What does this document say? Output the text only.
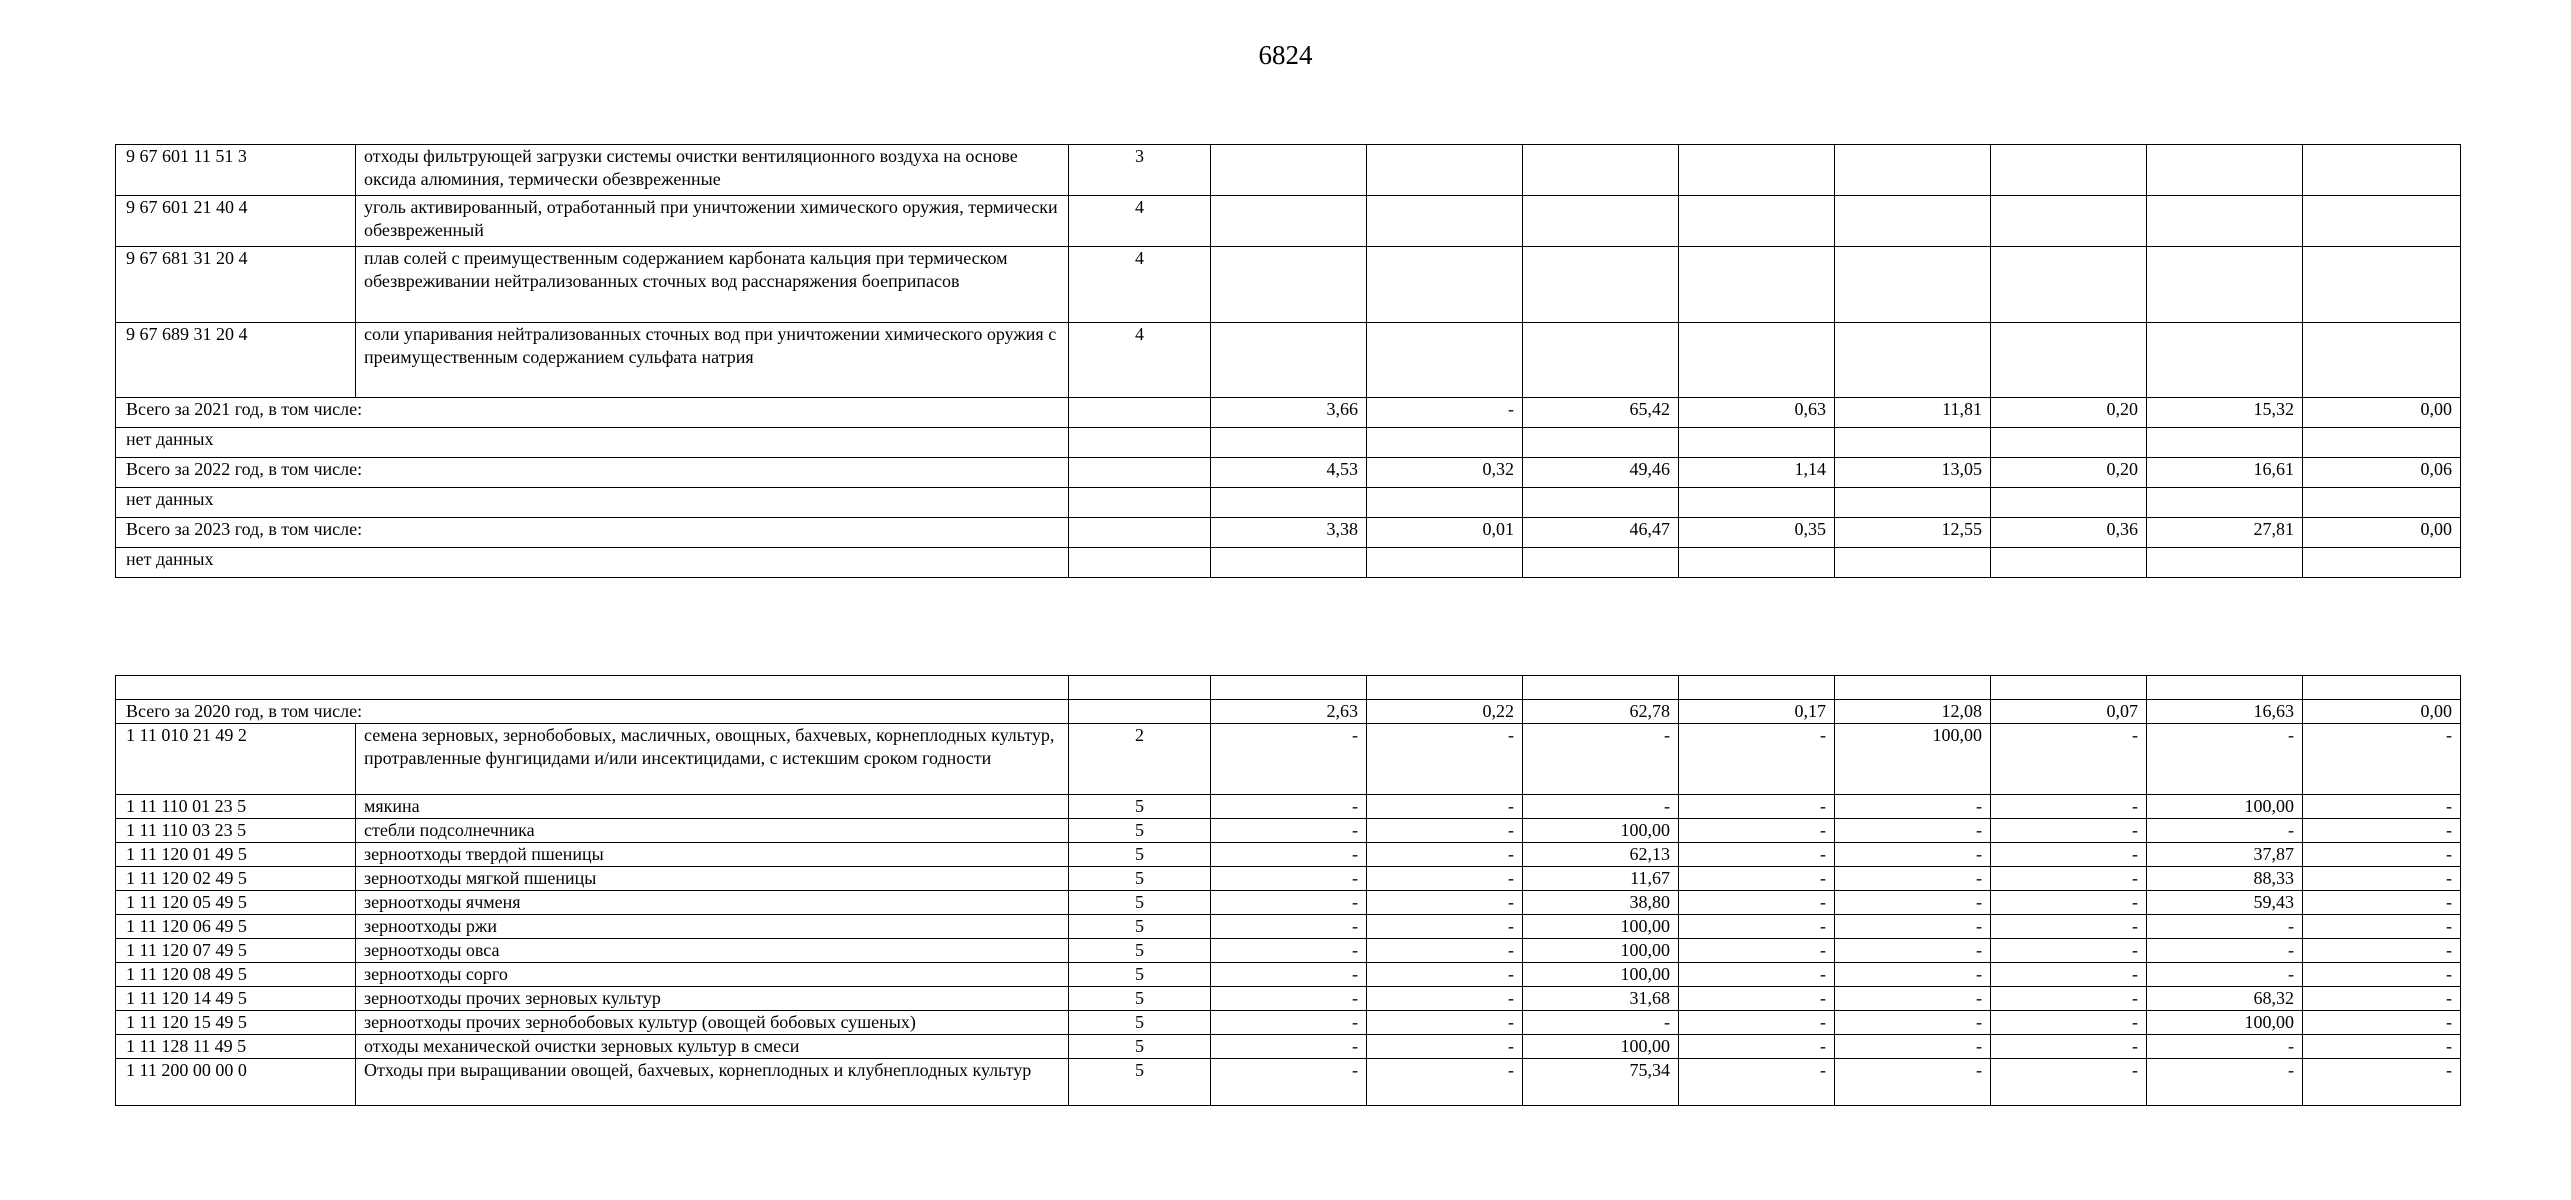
6824
9 67 601 11 51 3	отходы фильтрующей загрузки системы очистки вентиляционного воздуха на основе оксида алюминия, термически обезвреженные	3								
9 67 601 21 40 4	уголь активированный, отработанный при уничтожении химического оружия, термически обезвреженный	4								
9 67 681 31 20 4	плав солей с преимущественным содержанием карбоната кальция при термическом обезвреживании нейтрализованных сточных вод расснаряжения боеприпасов	4								
9 67 689 31 20 4	соли упаривания нейтрализованных сточных вод при уничтожении химического оружия с преимущественным содержанием сульфата натрия	4								
Всего за 2021 год, в том числе:			3,66	-	65,42	0,63	11,81	0,20	15,32	0,00
нет данных										
Всего за 2022 год, в том числе:			4,53	0,32	49,46	1,14	13,05	0,20	16,61	0,06
нет данных										
Всего за 2023 год, в том числе:			3,38	0,01	46,47	0,35	12,55	0,36	27,81	0,00
нет данных										

Всего за 2020 год, в том числе:			2,63	0,22	62,78	0,17	12,08	0,07	16,63	0,00
1 11 010 21 49 2	семена зерновых, зернобобовых, масличных, овощных, бахчевых, корнеплодных культур, протравленные фунгицидами и/или инсектицидами, с истекшим сроком годности	2	-	-	-	-	100,00	-	-	-
1 11 110 01 23 5	мякина	5	-	-	-	-	-	-	100,00	-
1 11 110 03 23 5	стебли подсолнечника	5	-	-	100,00	-	-	-	-	-
1 11 120 01 49 5	зерноотходы твердой пшеницы	5	-	-	62,13	-	-	-	37,87	-
1 11 120 02 49 5	зерноотходы мягкой пшеницы	5	-	-	11,67	-	-	-	88,33	-
1 11 120 05 49 5	зерноотходы ячменя	5	-	-	38,80	-	-	-	59,43	-
1 11 120 06 49 5	зерноотходы ржи	5	-	-	100,00	-	-	-	-	-
1 11 120 07 49 5	зерноотходы овса	5	-	-	100,00	-	-	-	-	-
1 11 120 08 49 5	зерноотходы сорго	5	-	-	100,00	-	-	-	-	-
1 11 120 14 49 5	зерноотходы прочих зерновых культур	5	-	-	31,68	-	-	-	68,32	-
1 11 120 15 49 5	зерноотходы прочих зернобобовых культур (овощей бобовых сушеных)	5	-	-	-	-	-	-	100,00	-
1 11 128 11 49 5	отходы механической очистки зерновых культур в смеси	5	-	-	100,00	-	-	-	-	-
1 11 200 00 00 0	Отходы при выращивании овощей, бахчевых, корнеплодных и клубнеплодных культур	5	-	-	75,34	-	-	-	-	-
